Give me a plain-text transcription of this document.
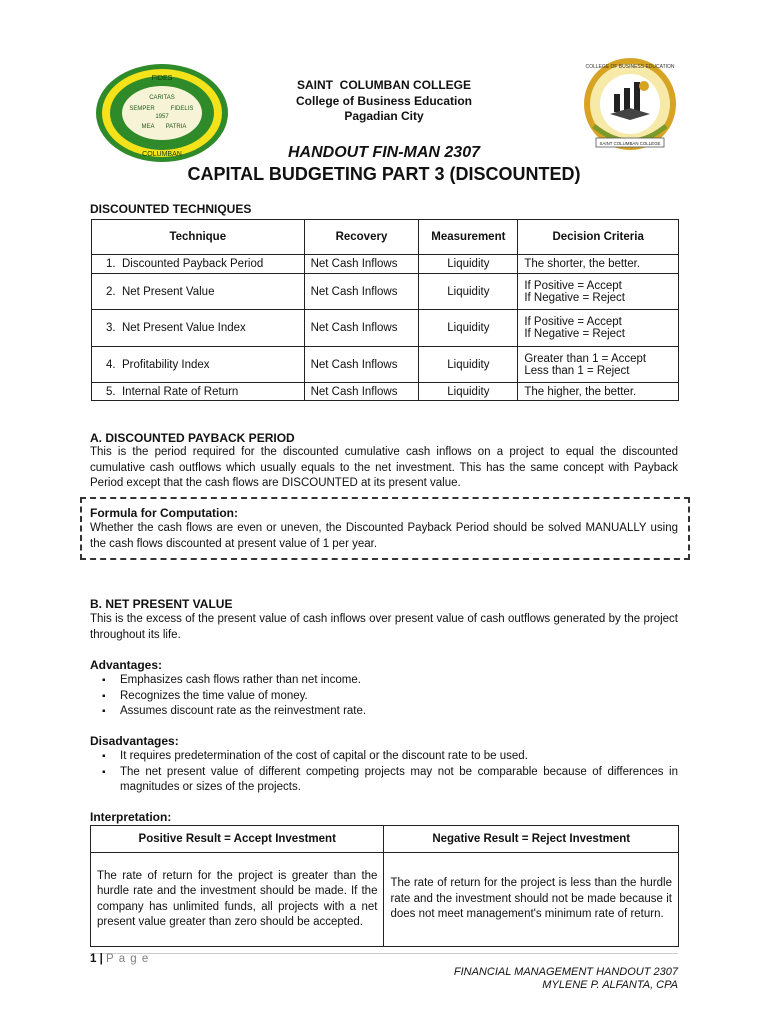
FIDES
COLUMBAN
CARITAS
SEMPER	FIDELIS
1957
MEA PATRIA
COLLEGE OF BUSINESS EDUCATION
SAINT COLUMBAN COLLEGE
SAINT  COLUMBAN COLLEGE
College of Business Education
Pagadian City
HANDOUT FIN-MAN 2307
CAPITAL BUDGETING PART 3 (DISCOUNTED)
DISCOUNTED TECHNIQUES
Technique	Recovery	Measurement	Decision Criteria
1. Discounted Payback Period	Net Cash Inflows	Liquidity	The shorter, the better.
2. Net Present Value	Net Cash Inflows	Liquidity	If Positive = Accept
If Negative = Reject

3. Net Present Value Index	Net Cash Inflows	Liquidity	If Positive = Accept
If Negative = Reject

4. Profitability Index	Net Cash Inflows	Liquidity	Greater than 1 = Accept
Less than 1 = Reject

5. Internal Rate of Return	Net Cash Inflows	Liquidity	The higher, the better.
A. DISCOUNTED PAYBACK PERIOD
This is the period required for the discounted cumulative cash inflows on a project to equal the discounted cumulative cash outflows which usually equals to the net investment. This has the same concept with Payback Period except that the cash flows are DISCOUNTED at its present value.
Formula for Computation:
Whether the cash flows are even or uneven, the Discounted Payback Period should be solved MANUALLY using the cash flows discounted at present value of 1 per year.
B. NET PRESENT VALUE
This is the excess of the present value of cash inflows over present value of cash outflows generated by the project throughout its life.
Advantages:
▪ Emphasizes cash flows rather than net income.
▪ Recognizes the time value of money.
▪ Assumes discount rate as the reinvestment rate.
Disadvantages:
▪ It requires predetermination of the cost of capital or the discount rate to be used.
▪ The net present value of different competing projects may not be comparable because of differences in magnitudes or sizes of the projects.
Interpretation:
Positive Result = Accept Investment	Negative Result = Reject Investment
The rate of return for the project is greater than the hurdle rate and the investment should be made. If the company has unlimited funds, all projects with a net present value greater than zero should be accepted.	The rate of return for the project is less than the hurdle rate and the investment should not be made because it does not meet management's minimum rate of return.
1 | P a g e
FINANCIAL MANAGEMENT HANDOUT 2307
MYLENE P. ALFANTA, CPA
